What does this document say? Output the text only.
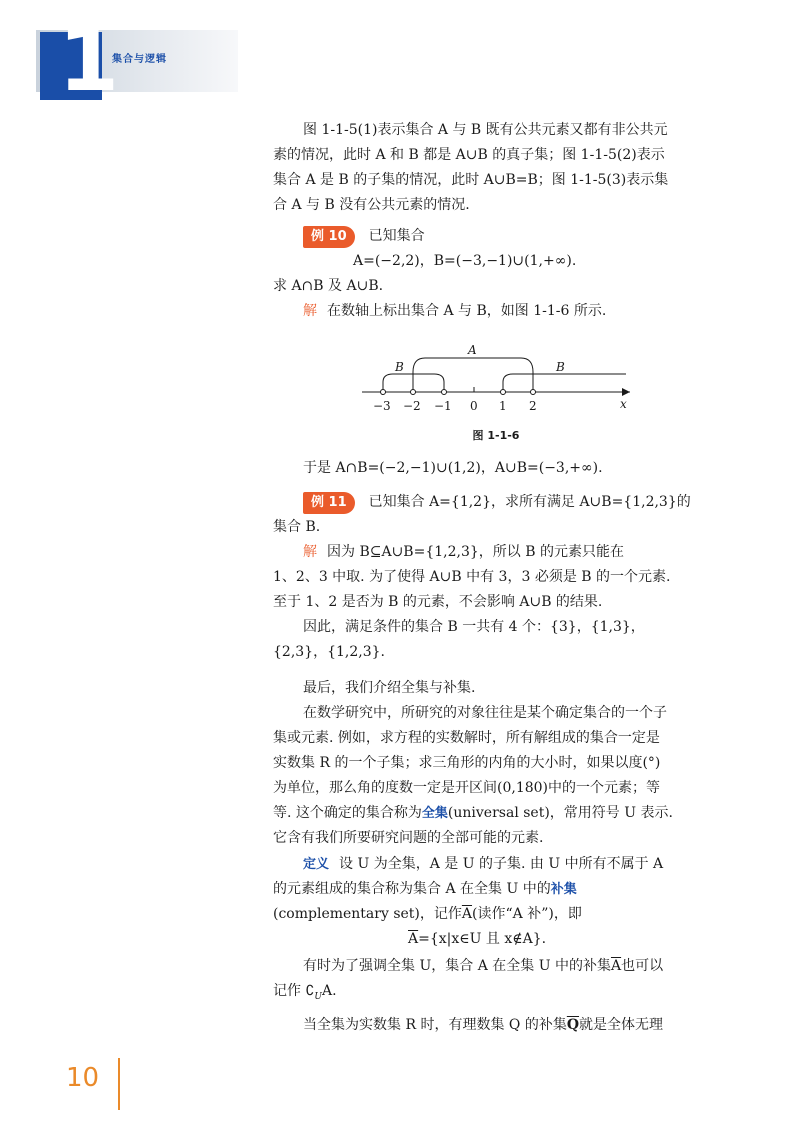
1
集合与逻辑
图 1-1-5(1)表示集合 A 与 B 既有公共元素又都有非公共元
素的情况，此时 A 和 B 都是 A∪B 的真子集；图 1-1-5(2)表示
集合 A 是 B 的子集的情况，此时 A∪B=B；图 1-1-5(3)表示集
合 A 与 B 没有公共元素的情况.
例 10 已知集合
A=(−2,2)，B=(−3,−1)∪(1,+∞).
求 A∩B 及 A∪B.
解 在数轴上标出集合 A 与 B，如图 1-1-6 所示.
A
B	B
x
−3 −2 −1 0 1 2
图 1-1-6
于是 A∩B=(−2,−1)∪(1,2)，A∪B=(−3,+∞).
例 11 已知集合 A={1,2}，求所有满足 A∪B={1,2,3}的
集合 B.
解 因为 B⊆A∪B={1,2,3}，所以 B 的元素只能在
1、2、3 中取. 为了使得 A∪B 中有 3，3 必须是 B 的一个元素.
至于 1、2 是否为 B 的元素，不会影响 A∪B 的结果.
因此，满足条件的集合 B 一共有 4 个：{3}，{1,3}，
{2,3}，{1,2,3}.
最后，我们介绍全集与补集.
在数学研究中，所研究的对象往往是某个确定集合的一个子
集或元素. 例如，求方程的实数解时，所有解组成的集合一定是
实数集 R 的一个子集；求三角形的内角的大小时，如果以度(°)
为单位，那么角的度数一定是开区间(0,180)中的一个元素；等
等. 这个确定的集合称为全集(universal set)，常用符号 U 表示.
它含有我们所要研究问题的全部可能的元素.
定义 设 U 为全集，A 是 U 的子集. 由 U 中所有不属于 A
的元素组成的集合称为集合 A 在全集 U 中的补集
(complementary set)，记作$\overline{A}$(读作“A 补”)，即
$\overline{A}=\{x|x\in U$ 且 x∉A}.
有时为了强调全集 U，集合 A 在全集 U 中的补集$\overline{A}$也可以
记作 $∁_UA$.
当全集为实数集 R 时，有理数集 Q 的补集$\overline{Q}$就是全体无理
10
